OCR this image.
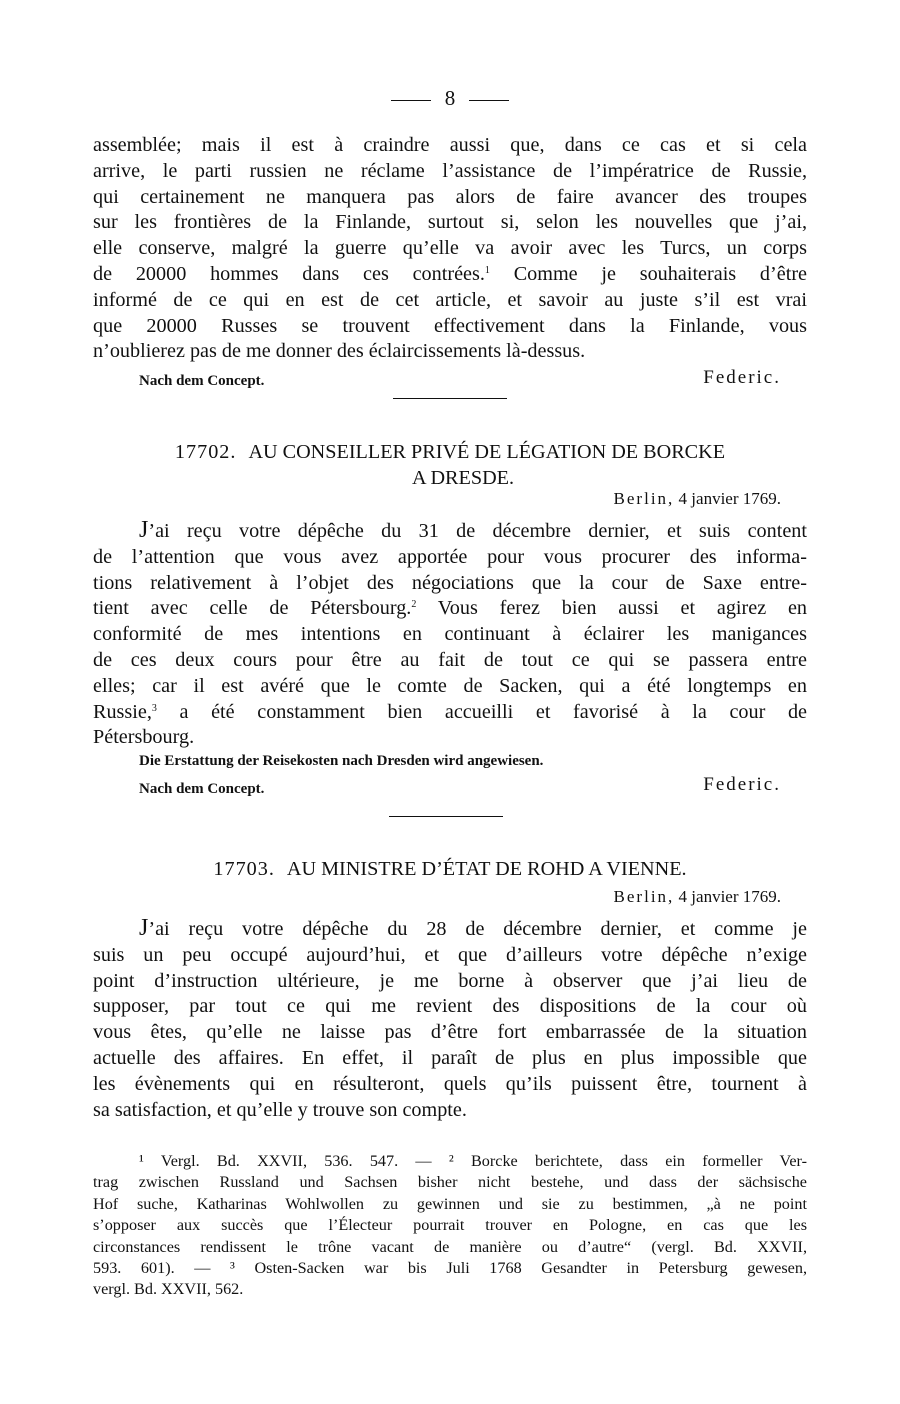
8
assemblée; mais il est à craindre aussi que, dans ce cas et si cela
arrive, le parti russien ne réclame l’assistance de l’impératrice de Russie,
qui certainement ne manquera pas alors de faire avancer des troupes
sur les frontières de la Finlande, surtout si, selon les nouvelles que j’ai,
elle conserve, malgré la guerre qu’elle va avoir avec les Turcs, un corps
de 20000 hommes dans ces contrées.$^1$ Comme je souhaiterais d’être
informé de ce qui en est de cet article, et savoir au juste s’il est vrai
que 20000 Russes se trouvent effectivement dans la Finlande, vous
n’oublierez pas de me donner des éclaircissements là-dessus.
Nach dem Concept.	Federic.
17702. AU CONSEILLER PRIVÉ DE LÉGATION DE BORCKE
A DRESDE.
Berlin, 4 janvier 1769.
J’ai reçu votre dépêche du 31 de décembre dernier, et suis content
de l’attention que vous avez apportée pour vous procurer des informa-
tions relativement à l’objet des négociations que la cour de Saxe entre-
tient avec celle de Pétersbourg.$^2$ Vous ferez bien aussi et agirez en
conformité de mes intentions en continuant à éclairer les manigances
de ces deux cours pour être au fait de tout ce qui se passera entre
elles; car il est avéré que le comte de Sacken, qui a été longtemps en
Russie,$^3$ a été constamment bien accueilli et favorisé à la cour de
Pétersbourg.
Die Erstattung der Reisekosten nach Dresden wird angewiesen.
Nach dem Concept.	Federic.
17703. AU MINISTRE D’ÉTAT DE ROHD A VIENNE.
Berlin, 4 janvier 1769.
J’ai reçu votre dépêche du 28 de décembre dernier, et comme je
suis un peu occupé aujourd’hui, et que d’ailleurs votre dépêche n’exige
point d’instruction ultérieure, je me borne à observer que j’ai lieu de
supposer, par tout ce qui me revient des dispositions de la cour où
vous êtes, qu’elle ne laisse pas d’être fort embarrassée de la situation
actuelle des affaires. En effet, il paraît de plus en plus impossible que
les évènements qui en résulteront, quels qu’ils puissent être, tournent à
sa satisfaction, et qu’elle y trouve son compte.
¹ Vergl. Bd. XXVII, 536. 547. — ² Borcke berichtete, dass ein formeller Ver-
trag zwischen Russland und Sachsen bisher nicht bestehe, und dass der sächsische
Hof suche, Katharinas Wohlwollen zu gewinnen und sie zu bestimmen, „à ne point
s’opposer aux succès que l’Électeur pourrait trouver en Pologne, en cas que les
circonstances rendissent le trône vacant de manière ou d’autre“ (vergl. Bd. XXVII,
593. 601). — ³ Osten-Sacken war bis Juli 1768 Gesandter in Petersburg gewesen,
vergl. Bd. XXVII, 562.
